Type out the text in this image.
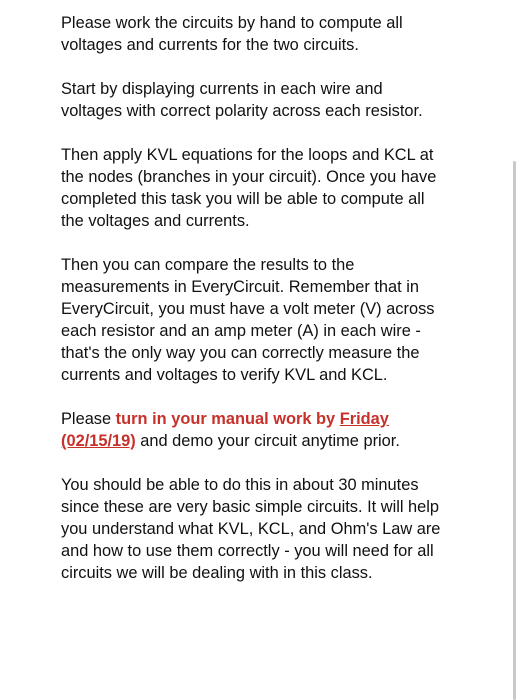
Please work the circuits by hand to compute all voltages and currents for the two circuits.

Start by displaying currents in each wire and voltages with correct polarity across each resistor.

Then apply KVL equations for the loops and KCL at the nodes (branches in your circuit). Once you have completed this task you will be able to compute all the voltages and currents.

Then you can compare the results to the measurements in EveryCircuit. Remember that in EveryCircuit, you must have a volt meter (V) across each resistor and an amp meter (A) in each wire - that's the only way you can correctly measure the currents and voltages to verify KVL and KCL.

Please turn in your manual work by Friday (02/15/19) and demo your circuit anytime prior.

You should be able to do this in about 30 minutes since these are very basic simple circuits. It will help you understand what KVL, KCL, and Ohm's Law are and how to use them correctly - you will need for all circuits we will be dealing with in this class.
